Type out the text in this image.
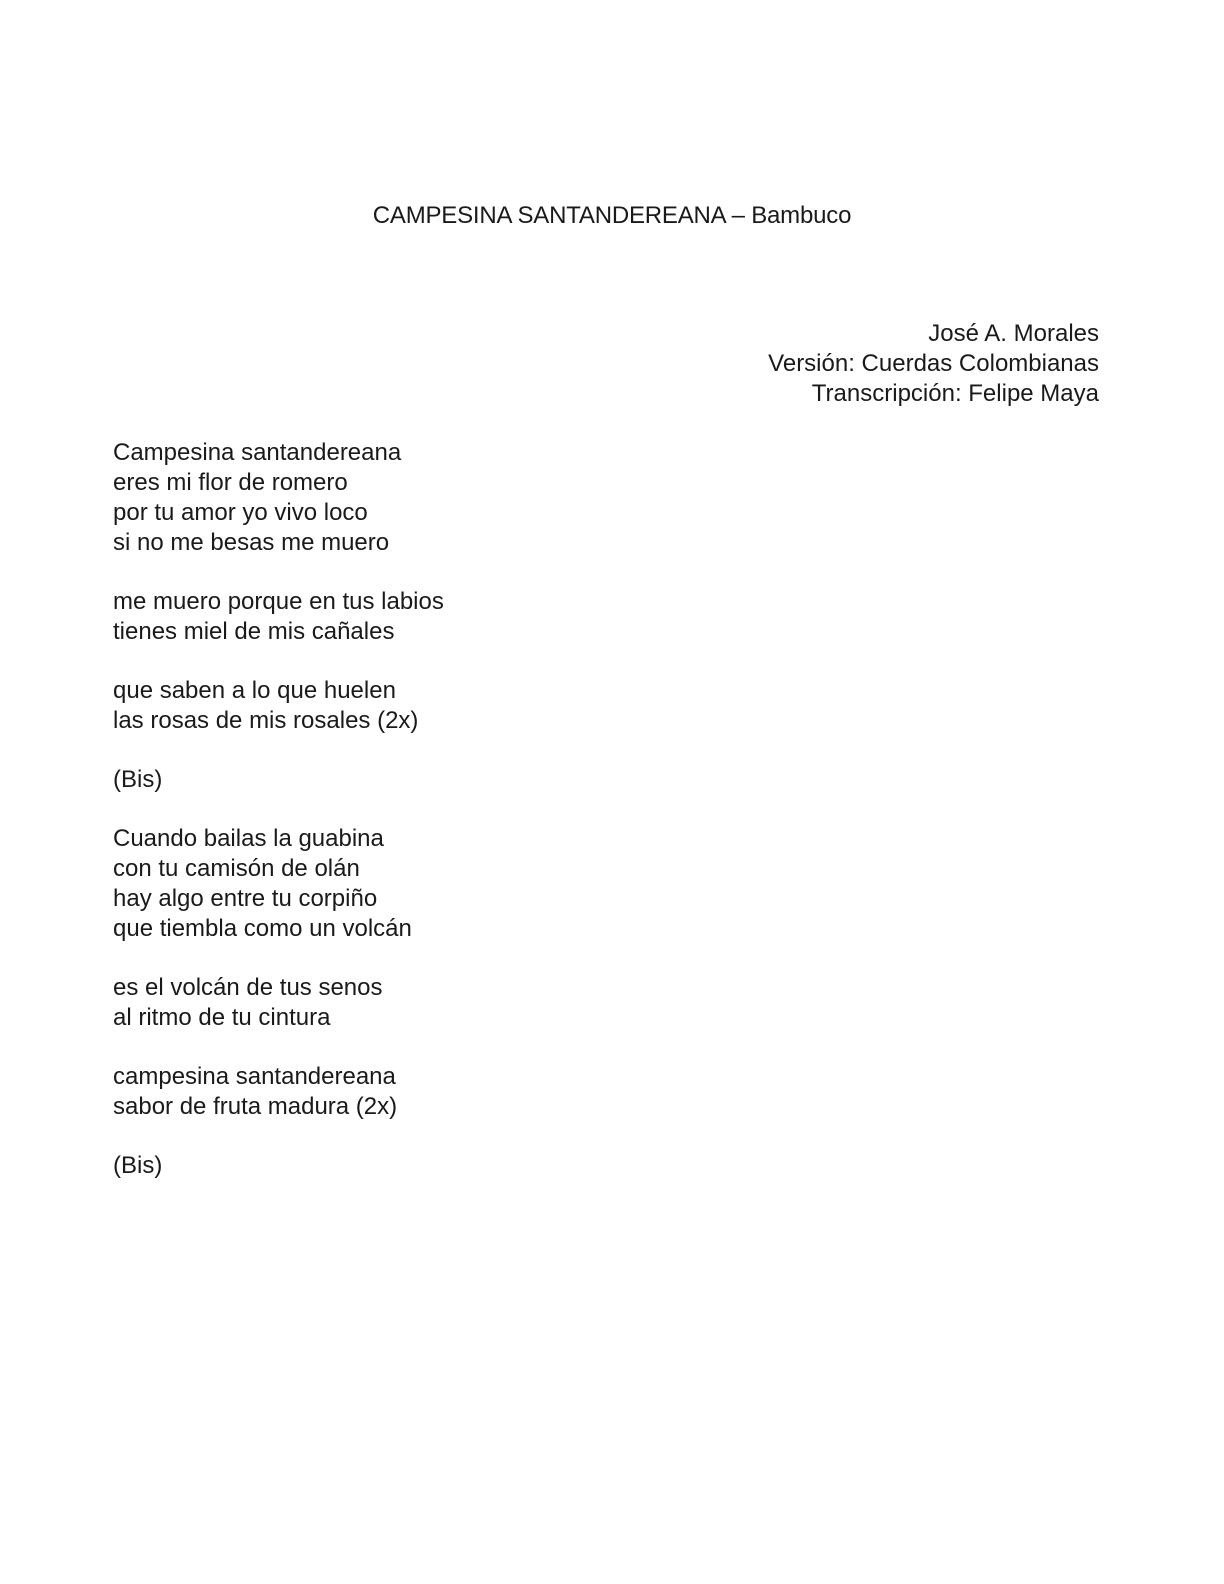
CAMPESINA SANTANDEREANA – Bambuco
José A. Morales
Versión: Cuerdas Colombianas
Transcripción: Felipe Maya
Campesina santandereana
eres mi flor de romero
por tu amor yo vivo loco
si no me besas me muero
me muero porque en tus labios
tienes miel de mis cañales
que saben a lo que huelen
las rosas de mis rosales (2x)
(Bis)
Cuando bailas la guabina
con tu camisón de olán
hay algo entre tu corpiño
que tiembla como un volcán
es el volcán de tus senos
al ritmo de tu cintura
campesina santandereana
sabor de fruta madura (2x)
(Bis)
